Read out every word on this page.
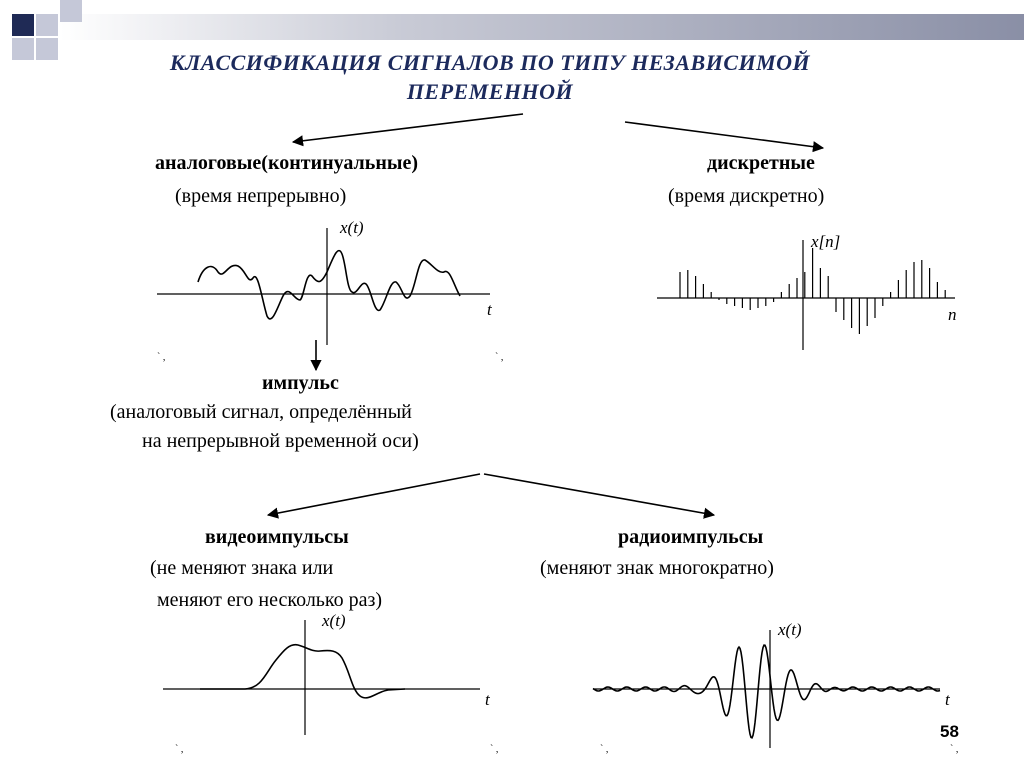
КЛАССИФИКАЦИЯ СИГНАЛОВ ПО ТИПУ НЕЗАВИСИМОЙ
ПЕРЕМЕННОЙ
аналоговые(континуальные)
(время непрерывно)
дискретные
(время дискретно)
импульс
(аналоговый сигнал, определённый
на непрерывной временной оси)
видеоимпульсы
(не меняют знака или
меняют его несколько раз)
радиоимпульсы
(меняют знак многократно)
x(t)
t
x[n]
n
x(t)
t
x(t)
t
58
` ,	` ,
` ,	` ,	` ,	` ,
